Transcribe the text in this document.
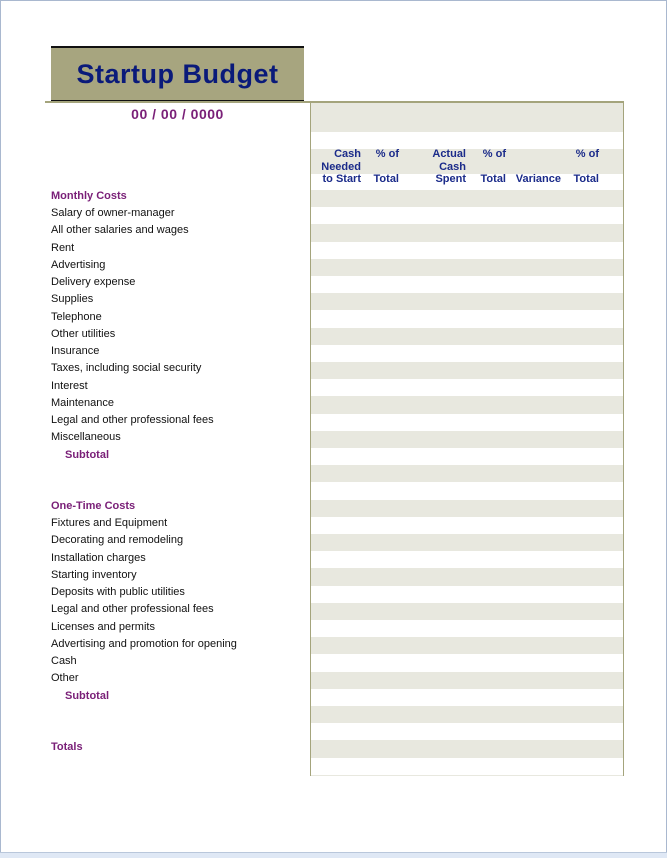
Startup Budget
00 / 00 / 0000
Monthly Costs
Salary of owner-manager
All other salaries and wages
Rent
Advertising
Delivery expense
Supplies
Telephone
Other utilities
Insurance
Taxes, including social security
Interest
Maintenance
Legal and other professional fees
Miscellaneous
Subtotal
One-Time Costs
Fixtures and Equipment
Decorating and remodeling
Installation charges
Starting inventory
Deposits with public utilities
Legal and other professional fees
Licenses and permits
Advertising and promotion for opening
Cash
Other
Subtotal
Totals
Cash
Needed
to Start
% of
Total
Actual
Cash
Spent
% of
Total Variance
% of
Total
